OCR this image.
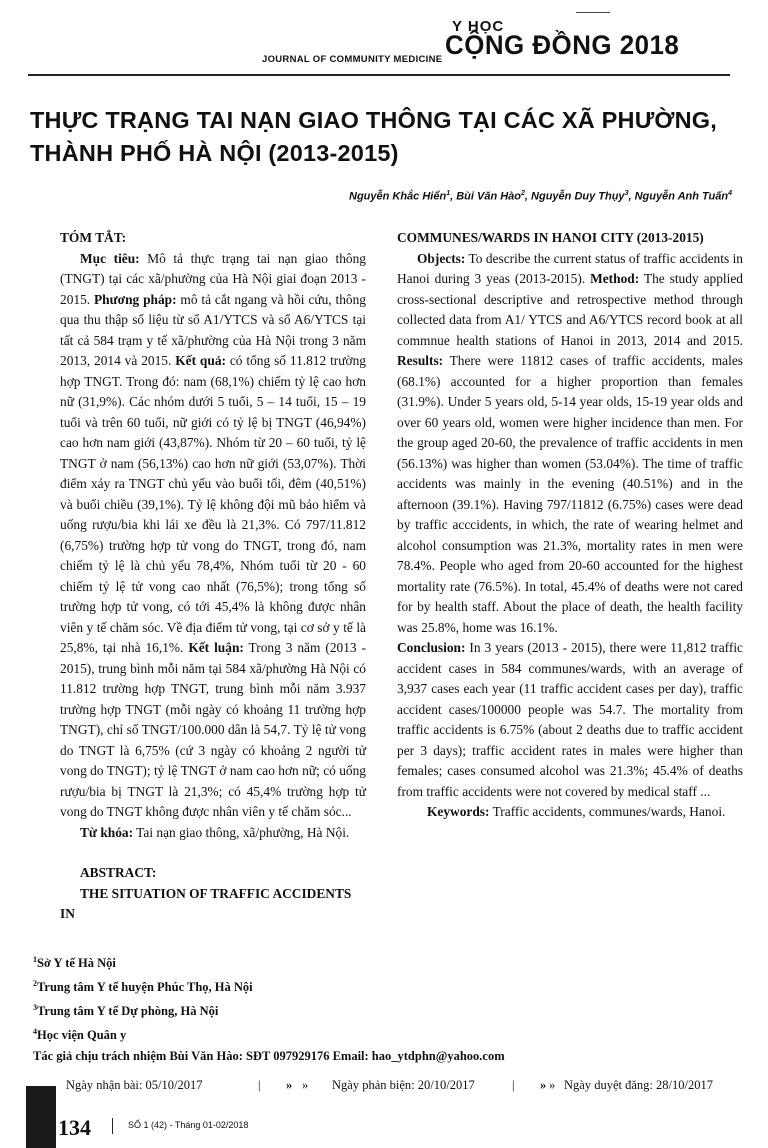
JOURNAL OF COMMUNITY MEDICINE
Y HỌC
CỘNG ĐỒNG 2018
THỰC TRẠNG TAI NẠN GIAO THÔNG TẠI CÁC XÃ PHƯỜNG,
THÀNH PHỐ HÀ NỘI (2013-2015)
Nguyễn Khắc Hiển$^1$, Bùi Văn Hào$^2$, Nguyễn Duy Thụy$^3$, Nguyễn Anh Tuấn$^4$

TÓM TẮT:

Mục tiêu: Mô tả thực trạng tai nạn giao thông (TNGT) tại các xã/phường của Hà Nội giai đoạn 2013 - 2015. Phương pháp: mô tả cắt ngang và hồi cứu, thông qua thu thập số liệu từ sổ A1/YTCS và sổ A6/YTCS tại tất cả 584 trạm y tế xã/phường của Hà Nội trong 3 năm 2013, 2014 và 2015. Kết quả: có tổng số 11.812 trường hợp TNGT. Trong đó: nam (68,1%) chiếm tỷ lệ cao hơn nữ (31,9%). Các nhóm dưới 5 tuổi, 5 – 14 tuổi, 15 – 19 tuổi và trên 60 tuổi, nữ giới có tỷ lệ bị TNGT (46,94%) cao hơn nam giới (43,87%). Nhóm từ 20 – 60 tuổi, tỷ lệ TNGT ở nam (56,13%) cao hơn nữ giới (53,07%). Thời điểm xảy ra TNGT chủ yếu vào buổi tối, đêm (40,51%) và buổi chiều (39,1%). Tỷ lệ không đội mũ bảo hiểm và uống rượu/bia khi lái xe đều là 21,3%. Có 797/11.812 (6,75%) trường hợp tử vong do TNGT, trong đó, nam chiếm tỷ lệ là chủ yếu 78,4%, Nhóm tuổi từ 20 - 60 chiếm tỷ lệ tử vong cao nhất (76,5%); trong tổng số trường hợp tử vong, có tới 45,4% là không được nhân viên y tế chăm sóc. Về địa điểm tử vong, tại cơ sở y tế là 25,8%, tại nhà 16,1%. Kết luận: Trong 3 năm (2013 - 2015), trung bình mỗi năm tại 584 xã/phường Hà Nội có 11.812 trường hợp TNGT, trung bình mỗi năm 3.937 trường hợp TNGT (mỗi ngày có khoảng 11 trường hợp TNGT), chỉ số TNGT/100.000 dân là 54,7. Tỷ lệ tử vong do TNGT là 6,75% (cứ 3 ngày có khoảng 2 người tử vong do TNGT); tỷ lệ TNGT ở nam cao hơn nữ; có uống rượu/bia bị TNGT là 21,3%; có 45,4% trường hợp tử vong do TNGT không được nhân viên y tế chăm sóc...

Từ khóa: Tai nạn giao thông, xã/phường, Hà Nội.

ABSTRACT:

THE SITUATION OF TRAFFIC ACCIDENTS IN

COMMUNES/WARDS IN HANOI CITY (2013-2015)

Objects: To describe the current status of traffic accidents in Hanoi during 3 yeas (2013-2015). Method: The study applied cross-sectional descriptive and retrospective method through collected data from A1/ YTCS and A6/YTCS record book at all commnue health stations of Hanoi in 2013, 2014 and 2015. Results: There were 11812 cases of traffic accidents, males (68.1%) accounted for a higher proportion than females (31.9%). Under 5 years old, 5-14 year olds, 15-19 year olds and over 60 years old, women were higher incidence than men. For the group aged 20-60, the prevalence of traffic accidents in men (56.13%) was higher than women (53.04%). The time of traffic accidents was mainly in the evening (40.51%) and in the afternoon (39.1%). Having 797/11812 (6.75%) cases were dead by traffic acccidents, in which, the rate of wearing helmet and alcohol consumption was 21.3%, mortality rates in men were 78.4%. People who aged from 20-60 accounted for the highest mortality rate (76.5%). In total, 45.4% of deaths were not cared for by health staff. About the place of death, the health facility was 25.8%, home was 16.1%.

Conclusion: In 3 years (2013 - 2015), there were 11,812 traffic accident cases in 584 communes/wards, with an average of 3,937 cases each year (11 traffic accident cases per day), traffic accident cases/100000 people was 54.7. The mortality from traffic accidents is 6.75% (about 2 deaths due to traffic accident per 3 days); traffic accident rates in males were higher than females; cases consumed alcohol was 21.3%; 45.4% of deaths from traffic accidents were not covered by medical staff ...

Keywords: Traffic accidents, communes/wards, Hanoi.

$^1$Sở Y tế Hà Nội
$^2$Trung tâm Y tế huyện Phúc Thọ, Hà Nội
$^3$Trung tâm Y tế Dự phòng, Hà Nội
$^4$Học viện Quân y
Tác giả chịu trách nhiệm Bùi Văn Hào: SĐT 097929176 Email: hao_ytdphn@yahoo.com
Ngày nhận bài: 05/10/2017	| » » Ngày phản biện: 20/10/2017	| » » Ngày duyệt đăng: 28/10/2017
134	SỐ 1 (42) - Tháng 01-02/2018
